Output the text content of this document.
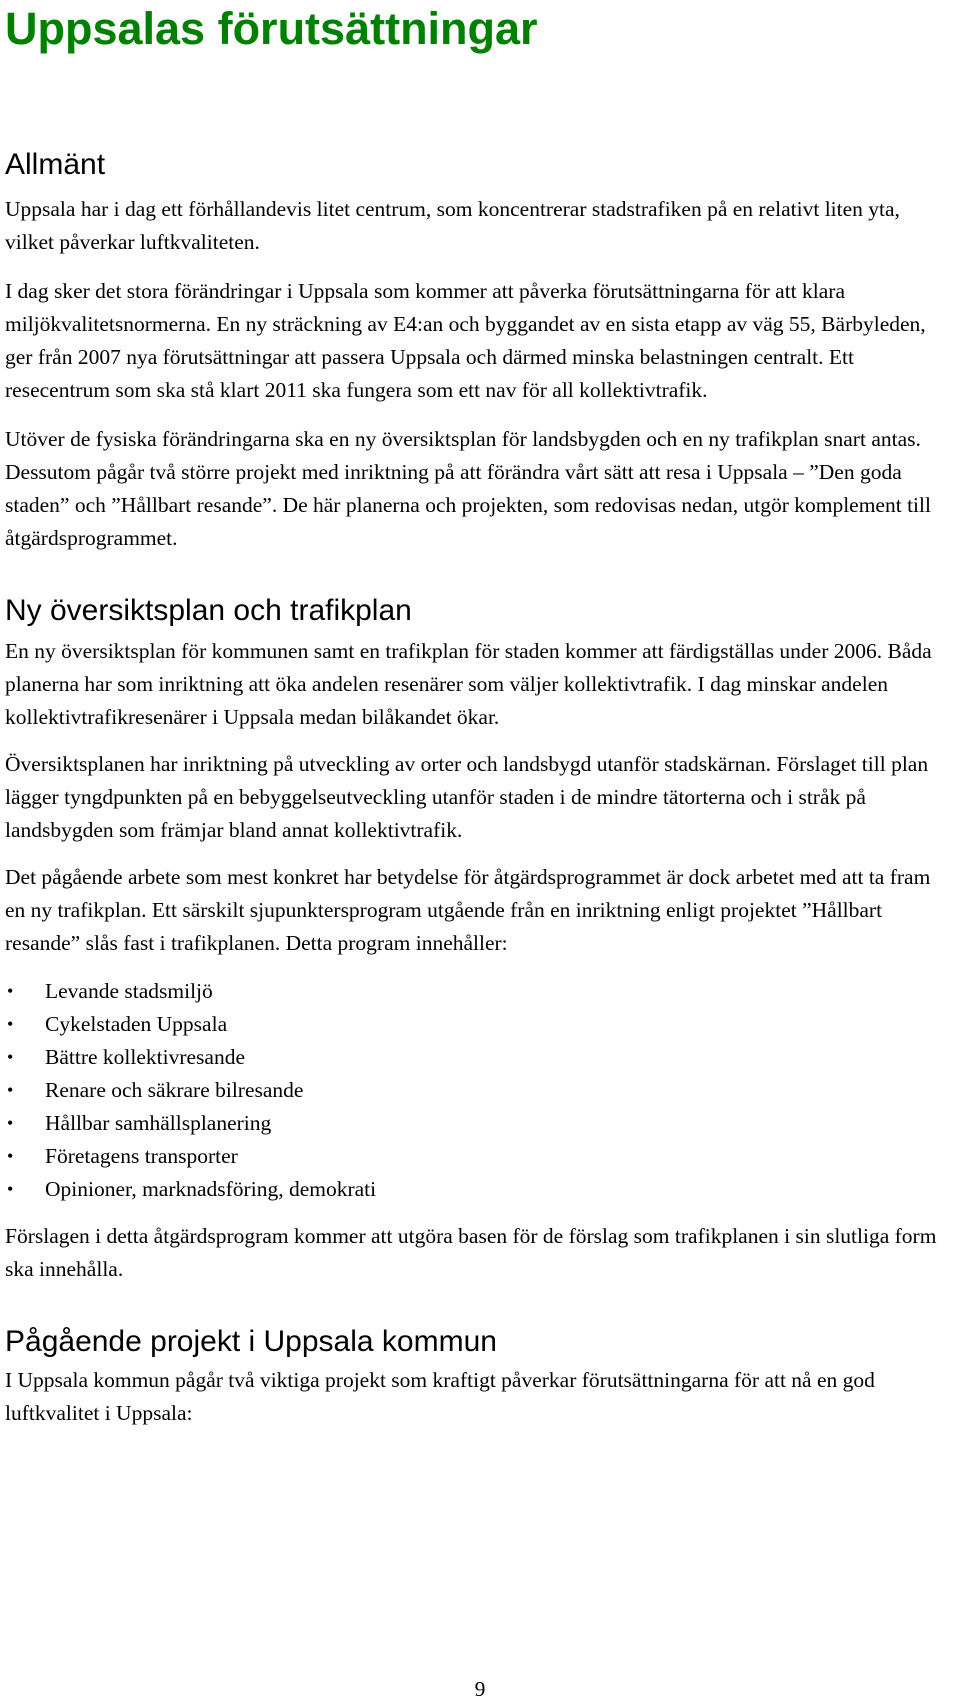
Uppsalas förutsättningar
Allmänt

Uppsala har i dag ett förhållandevis litet centrum, som koncentrerar stadstrafiken på en relativt liten yta, vilket påverkar luftkvaliteten.

I dag sker det stora förändringar i Uppsala som kommer att påverka förutsättningarna för att klara miljökvalitetsnormerna. En ny sträckning av E4:an och byggandet av en sista etapp av väg 55, Bärbyleden, ger från 2007 nya förutsättningar att passera Uppsala och därmed minska belastningen centralt. Ett resecentrum som ska stå klart 2011 ska fungera som ett nav för all kollektivtrafik.

Utöver de fysiska förändringarna ska en ny översiktsplan för landsbygden och en ny trafikplan snart antas. Dessutom pågår två större projekt med inriktning på att förändra vårt sätt att resa i Uppsala – ”Den goda staden” och ”Hållbart resande”. De här planerna och projekten, som redovisas nedan, utgör komplement till åtgärdsprogrammet.

Ny översiktsplan och trafikplan

En ny översiktsplan för kommunen samt en trafikplan för staden kommer att färdigställas under 2006. Båda planerna har som inriktning att öka andelen resenärer som väljer kollektivtrafik. I dag minskar andelen kollektivtrafikresenärer i Uppsala medan bilåkandet ökar.

Översiktsplanen har inriktning på utveckling av orter och landsbygd utanför stadskärnan. Förslaget till plan lägger tyngdpunkten på en bebyggelseutveckling utanför staden i de mindre tätorterna och i stråk på landsbygden som främjar bland annat kollektivtrafik.

Det pågående arbete som mest konkret har betydelse för åtgärdsprogrammet är dock arbetet med att ta fram en ny trafikplan. Ett särskilt sjupunktersprogram utgående från en inriktning enligt projektet ”Hållbart resande” slås fast i trafikplanen. Detta program innehåller:

• Levande stadsmiljö
• Cykelstaden Uppsala
• Bättre kollektivresande
• Renare och säkrare bilresande
• Hållbar samhällsplanering
• Företagens transporter
• Opinioner, marknadsföring, demokrati

Förslagen i detta åtgärdsprogram kommer att utgöra basen för de förslag som trafikplanen i sin slutliga form ska innehålla.

Pågående projekt i Uppsala kommun

I Uppsala kommun pågår två viktiga projekt som kraftigt påverkar förutsättningarna för att nå en god luftkvalitet i Uppsala:

9
